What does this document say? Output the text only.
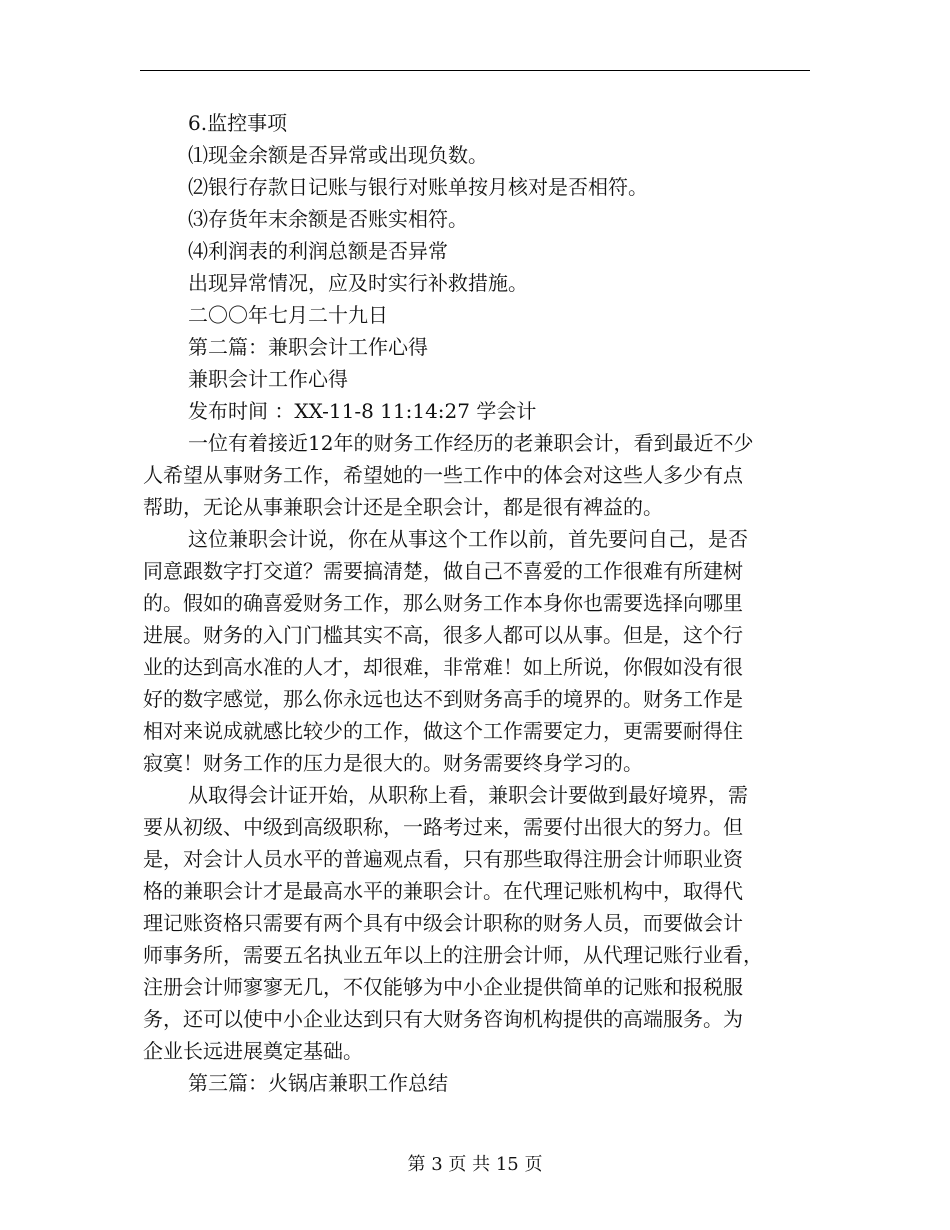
6.监控事项
⑴现金余额是否异常或出现负数。
⑵银行存款日记账与银行对账单按月核对是否相符。
⑶存货年末余额是否账实相符。
⑷利润表的利润总额是否异常
出现异常情况，应及时实行补救措施。
二〇〇年七月二十九日
第二篇：兼职会计工作心得
兼职会计工作心得
发布时间 ：XX-11-8 11:14:27 学会计
一位有着接近12年的财务工作经历的老兼职会计，看到最近不少
人希望从事财务工作，希望她的一些工作中的体会对这些人多少有点
帮助，无论从事兼职会计还是全职会计，都是很有裨益的。
这位兼职会计说，你在从事这个工作以前，首先要问自己，是否
同意跟数字打交道？需要搞清楚，做自己不喜爱的工作很难有所建树
的。假如的确喜爱财务工作，那么财务工作本身你也需要选择向哪里
进展。财务的入门门槛其实不高，很多人都可以从事。但是，这个行
业的达到高水准的人才，却很难，非常难！如上所说，你假如没有很
好的数字感觉，那么你永远也达不到财务高手的境界的。财务工作是
相对来说成就感比较少的工作，做这个工作需要定力，更需要耐得住
寂寞！财务工作的压力是很大的。财务需要终身学习的。
从取得会计证开始，从职称上看，兼职会计要做到最好境界，需
要从初级、中级到高级职称，一路考过来，需要付出很大的努力。但
是，对会计人员水平的普遍观点看，只有那些取得注册会计师职业资
格的兼职会计才是最高水平的兼职会计。在代理记账机构中，取得代
理记账资格只需要有两个具有中级会计职称的财务人员，而要做会计
师事务所，需要五名执业五年以上的注册会计师，从代理记账行业看，
注册会计师寥寥无几，不仅能够为中小企业提供简单的记账和报税服
务，还可以使中小企业达到只有大财务咨询机构提供的高端服务。为
企业长远进展奠定基础。
第三篇：火锅店兼职工作总结
第 3 页 共 15 页
